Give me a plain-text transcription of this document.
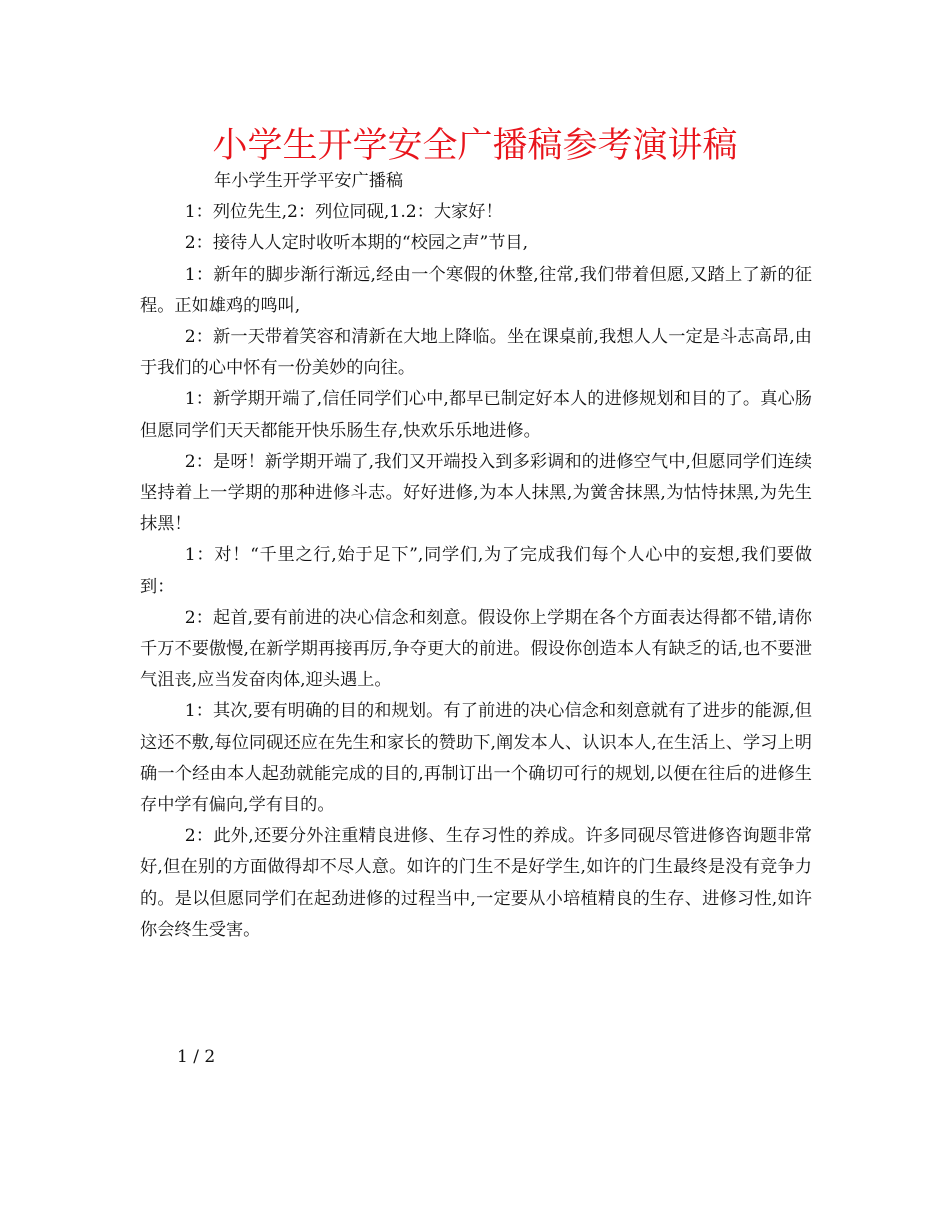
小学生开学安全广播稿参考演讲稿

年小学生开学平安广播稿

1：列位先生,2：列位同砚,1.2：大家好！

2：接待人人定时收听本期的“校园之声”节目,

1：新年的脚步渐行渐远,经由一个寒假的休整,往常,我们带着但愿,又踏上了新的征程。正如雄鸡的鸣叫,

2：新一天带着笑容和清新在大地上降临。坐在课桌前,我想人人一定是斗志高昂,由于我们的心中怀有一份美妙的向往。

1：新学期开端了,信任同学们心中,都早已制定好本人的进修规划和目的了。真心肠但愿同学们天天都能开快乐肠生存,快欢乐乐地进修。

2：是呀！新学期开端了,我们又开端投入到多彩调和的进修空气中,但愿同学们连续坚持着上一学期的那种进修斗志。好好进修,为本人抹黑,为黉舍抹黑,为怙恃抹黑,为先生抹黑！

1：对！“千里之行,始于足下”,同学们,为了完成我们每个人心中的妄想,我们要做到：

2：起首,要有前进的决心信念和刻意。假设你上学期在各个方面表达得都不错,请你千万不要傲慢,在新学期再接再厉,争夺更大的前进。假设你创造本人有缺乏的话,也不要泄气沮丧,应当发奋肉体,迎头遇上。

1：其次,要有明确的目的和规划。有了前进的决心信念和刻意就有了进步的能源,但这还不敷,每位同砚还应在先生和家长的赞助下,阐发本人、认识本人,在生活上、学习上明确一个经由本人起劲就能完成的目的,再制订出一个确切可行的规划,以便在往后的进修生存中学有偏向,学有目的。

2：此外,还要分外注重精良进修、生存习性的养成。许多同砚尽管进修咨询题非常好,但在别的方面做得却不尽人意。如许的门生不是好学生,如许的门生最终是没有竞争力的。是以但愿同学们在起劲进修的过程当中,一定要从小培植精良的生存、进修习性,如许你会终生受害。

1 / 2
